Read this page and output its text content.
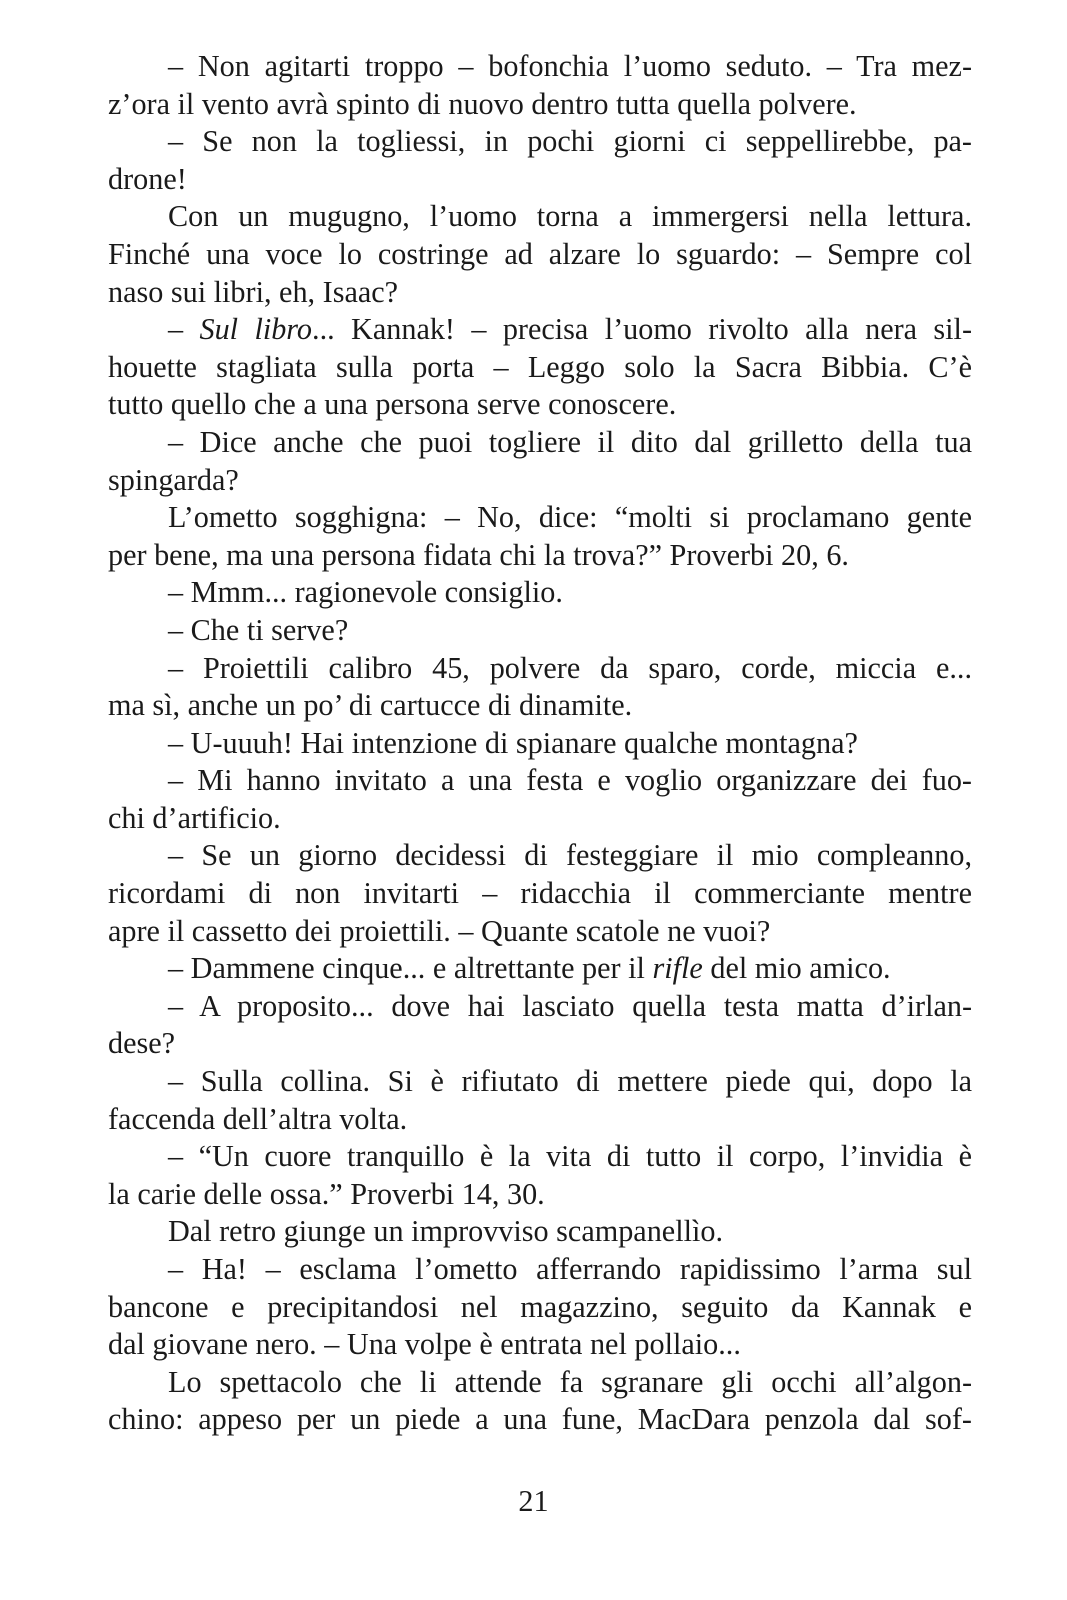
– Non agitarti troppo – bofonchia l’uomo seduto. – Tra mez-
z’ora il vento avrà spinto di nuovo dentro tutta quella polvere.
– Se non la togliessi, in pochi giorni ci seppellirebbe, pa-
drone!
Con un mugugno, l’uomo torna a immergersi nella lettura.
Finché una voce lo costringe ad alzare lo sguardo: – Sempre col
naso sui libri, eh, Isaac?
– Sul libro... Kannak! – precisa l’uomo rivolto alla nera sil-
houette stagliata sulla porta – Leggo solo la Sacra Bibbia. C’è
tutto quello che a una persona serve conoscere.
– Dice anche che puoi togliere il dito dal grilletto della tua
spingarda?
L’ometto sogghigna: – No, dice: “molti si proclamano gente
per bene, ma una persona fidata chi la trova?” Proverbi 20, 6.
– Mmm... ragionevole consiglio.
– Che ti serve?
– Proiettili calibro 45, polvere da sparo, corde, miccia e...
ma sì, anche un po’ di cartucce di dinamite.
– U-uuuh! Hai intenzione di spianare qualche montagna?
– Mi hanno invitato a una festa e voglio organizzare dei fuo-
chi d’artificio.
– Se un giorno decidessi di festeggiare il mio compleanno,
ricordami di non invitarti – ridacchia il commerciante mentre
apre il cassetto dei proiettili. – Quante scatole ne vuoi?
– Dammene cinque... e altrettante per il rifle del mio amico.
– A proposito... dove hai lasciato quella testa matta d’irlan-
dese?
– Sulla collina. Si è rifiutato di mettere piede qui, dopo la
faccenda dell’altra volta.
– “Un cuore tranquillo è la vita di tutto il corpo, l’invidia è
la carie delle ossa.” Proverbi 14, 30.
Dal retro giunge un improvviso scampanellìo.
– Ha! – esclama l’ometto afferrando rapidissimo l’arma sul
bancone e precipitandosi nel magazzino, seguito da Kannak e
dal giovane nero. – Una volpe è entrata nel pollaio...
Lo spettacolo che li attende fa sgranare gli occhi all’algon-
chino: appeso per un piede a una fune, MacDara penzola dal sof-
21
